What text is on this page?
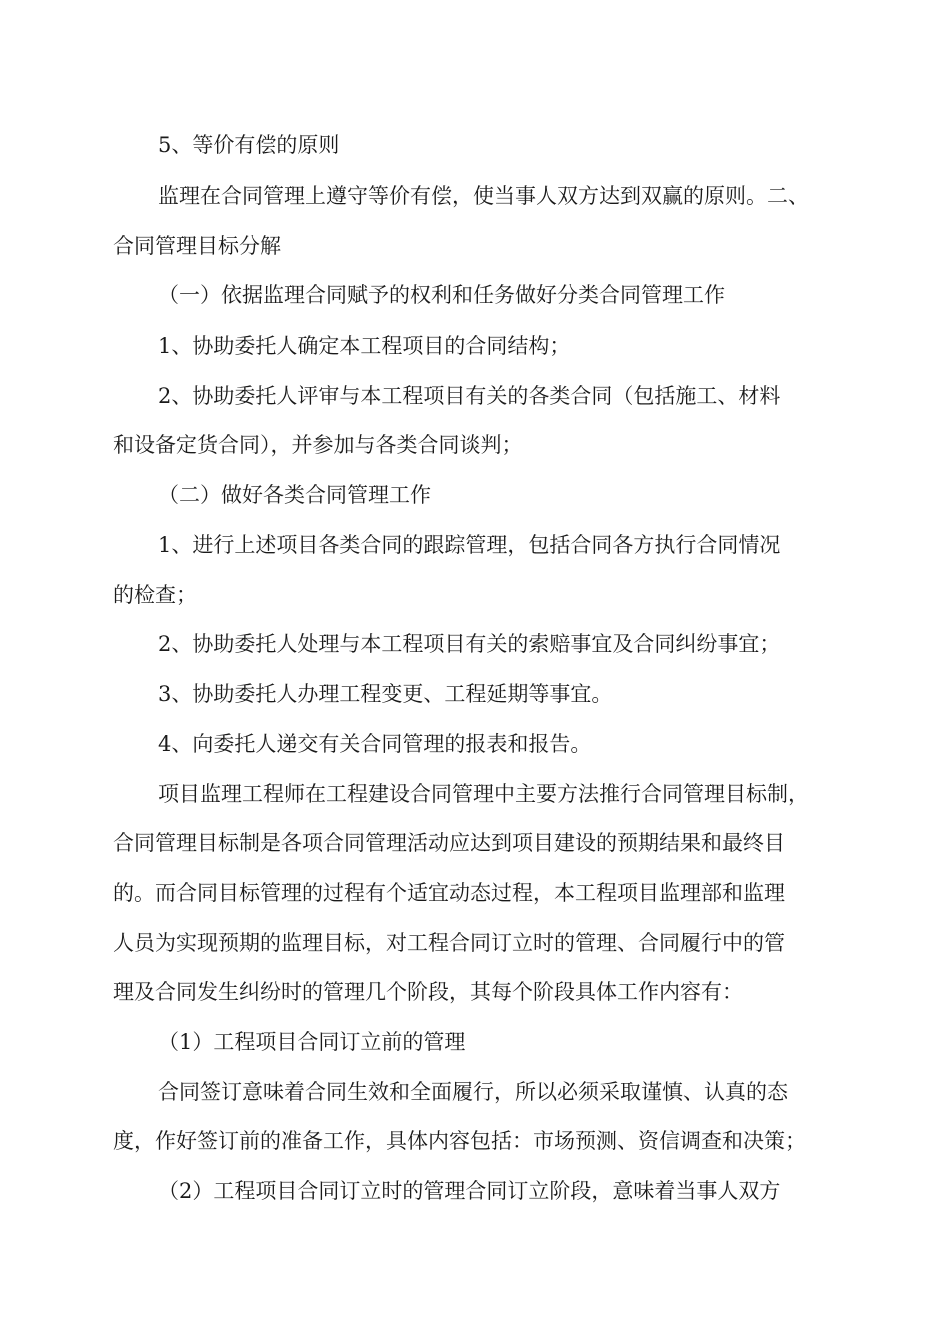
5、等价有偿的原则
监理在合同管理上遵守等价有偿，使当事人双方达到双赢的原则。二、
合同管理目标分解
（一）依据监理合同赋予的权利和任务做好分类合同管理工作
1、协助委托人确定本工程项目的合同结构；
2、协助委托人评审与本工程项目有关的各类合同（包括施工、材料
和设备定货合同），并参加与各类合同谈判；
（二）做好各类合同管理工作
1、进行上述项目各类合同的跟踪管理，包括合同各方执行合同情况
的检查；
2、协助委托人处理与本工程项目有关的索赔事宜及合同纠纷事宜；
3、协助委托人办理工程变更、工程延期等事宜。
4、向委托人递交有关合同管理的报表和报告。
项目监理工程师在工程建设合同管理中主要方法推行合同管理目标制，
合同管理目标制是各项合同管理活动应达到项目建设的预期结果和最终目
的。而合同目标管理的过程有个适宜动态过程，本工程项目监理部和监理
人员为实现预期的监理目标，对工程合同订立时的管理、合同履行中的管
理及合同发生纠纷时的管理几个阶段，其每个阶段具体工作内容有：
（1）工程项目合同订立前的管理
合同签订意味着合同生效和全面履行，所以必须采取谨慎、认真的态
度，作好签订前的准备工作，具体内容包括：市场预测、资信调查和决策；
（2）工程项目合同订立时的管理合同订立阶段，意味着当事人双方
